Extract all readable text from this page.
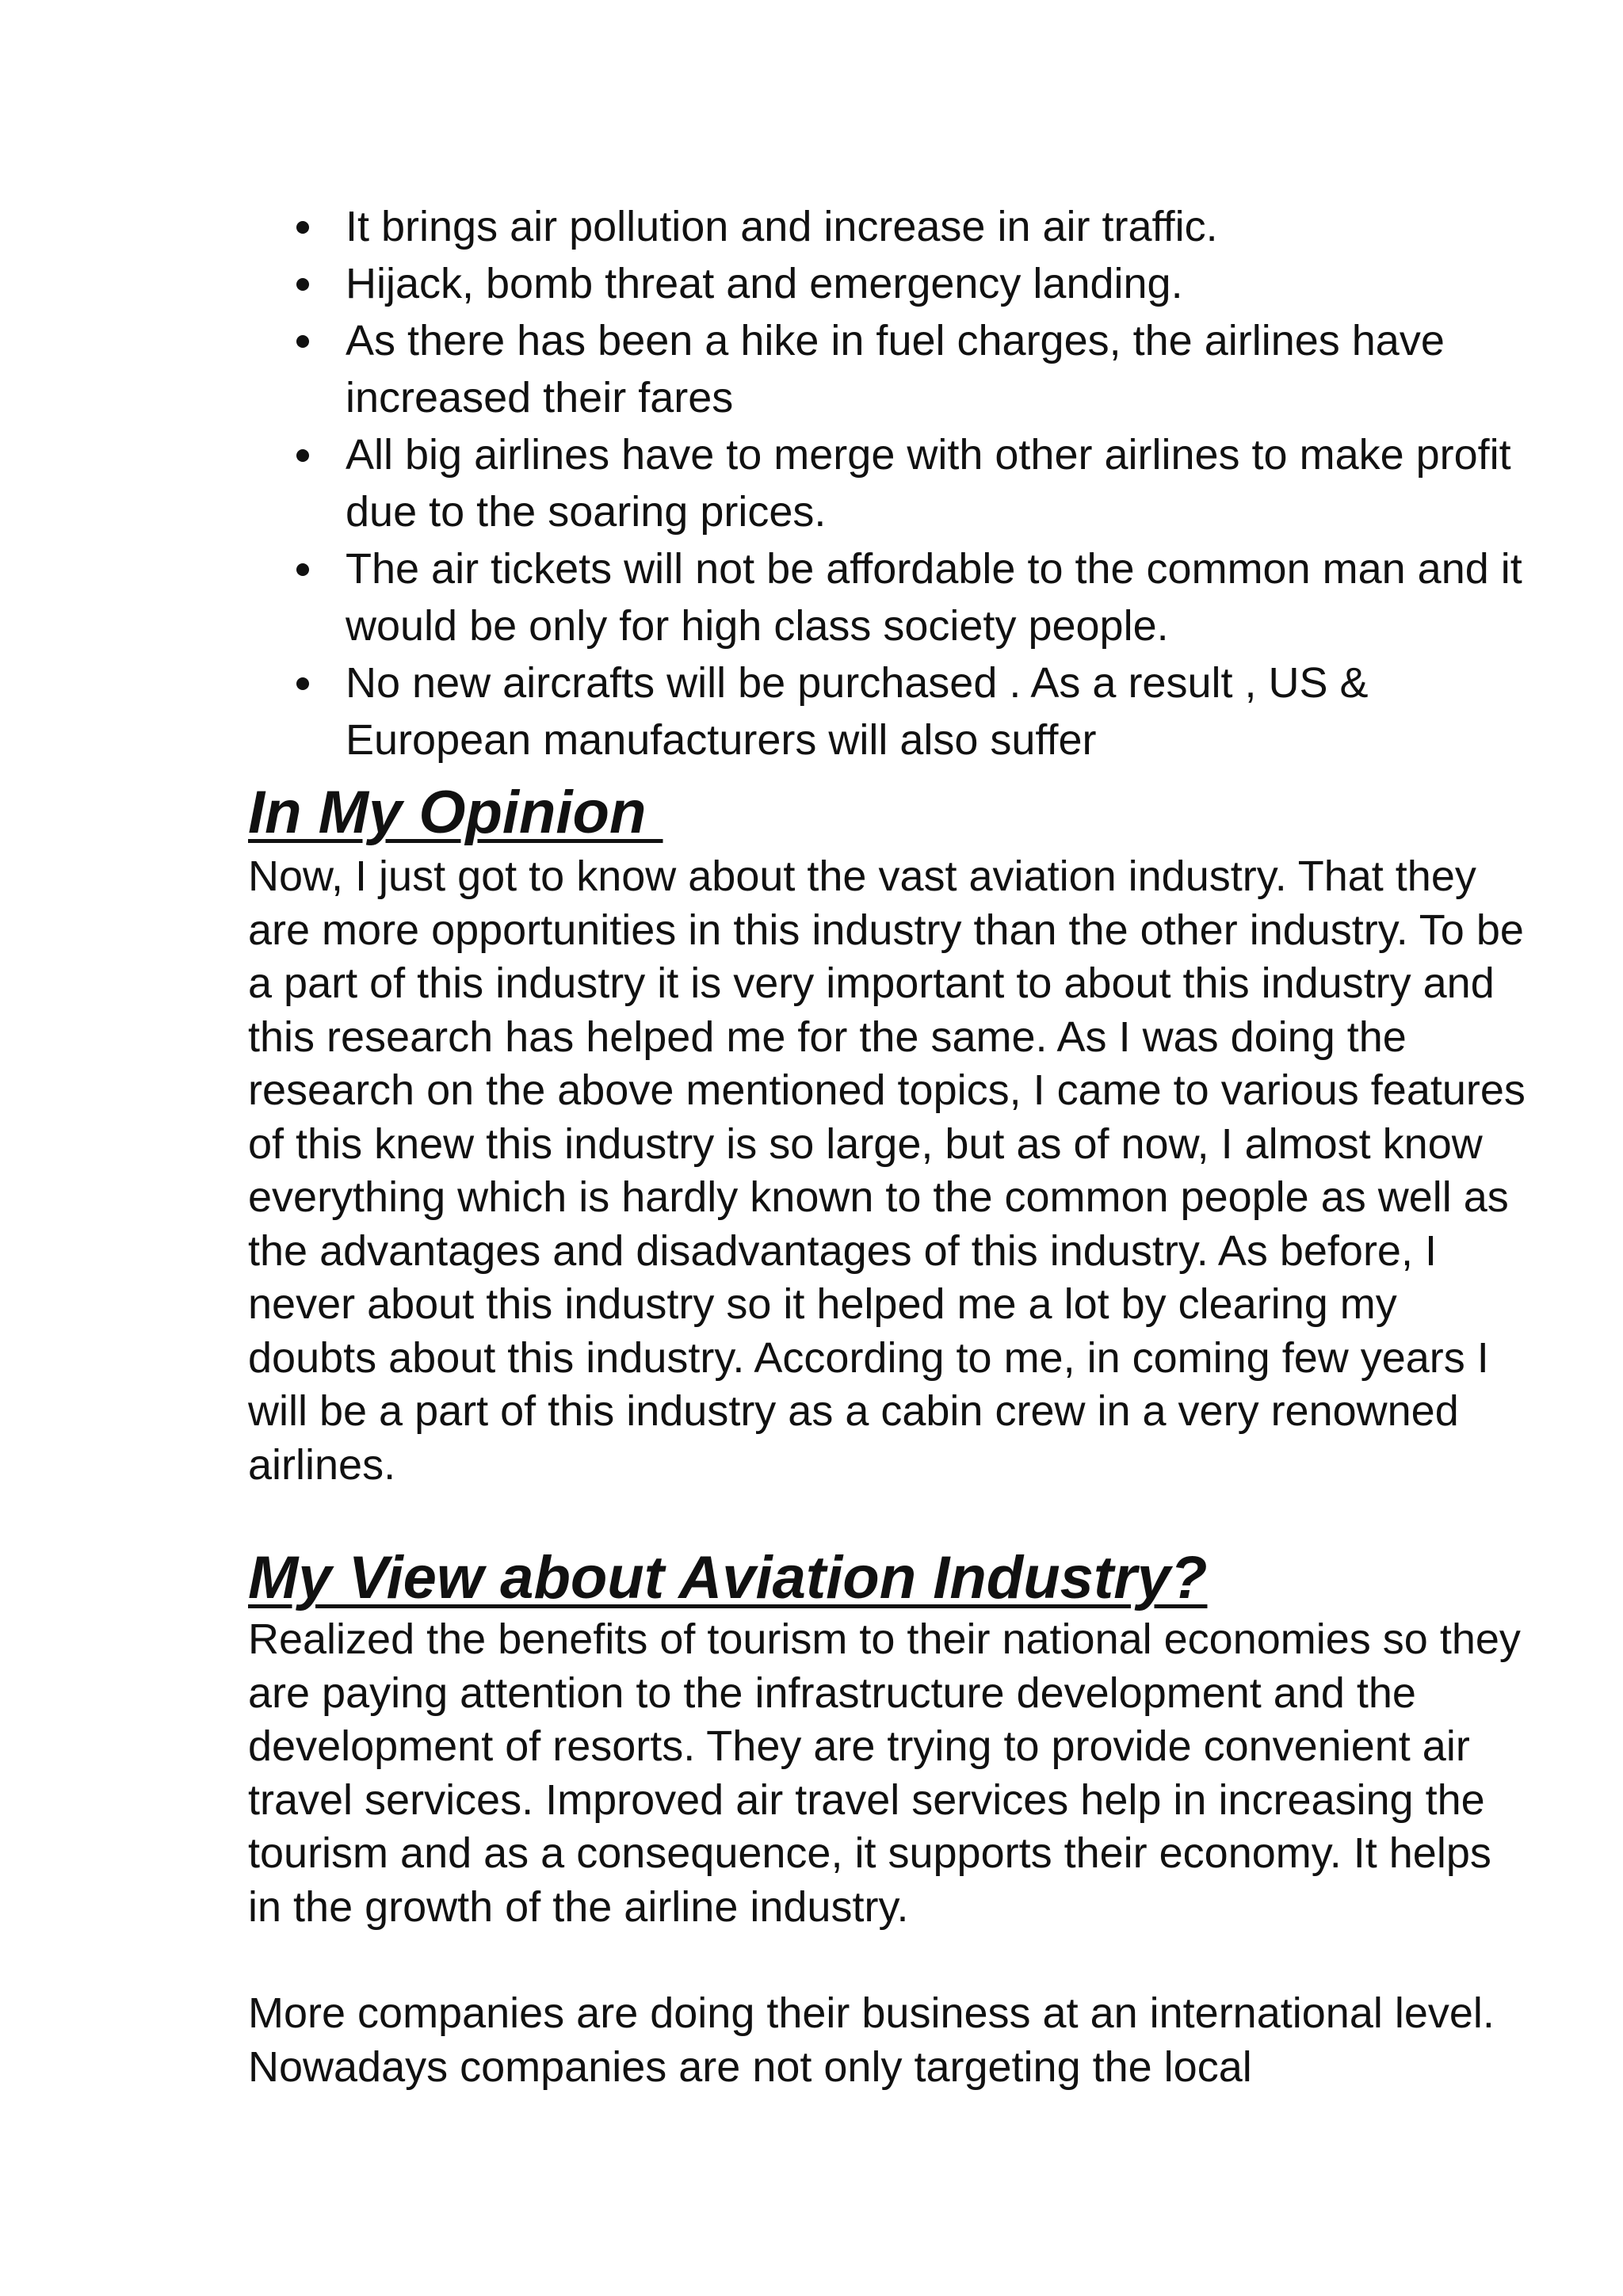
It brings air pollution and increase in air traffic.
Hijack, bomb threat and emergency landing.
As there has been a hike in fuel charges, the airlines have increased their fares
All big airlines have to merge with other airlines to make profit due to the soaring prices.
The air tickets will not be affordable to the common man and it would be only for high class society people.
No new aircrafts will be purchased . As a result , US & European manufacturers will also suffer
In My Opinion

Now, I just got to know about the vast aviation industry. That they are more opportunities in this industry than the other industry. To be a part of this industry it is very important to about this industry and this research has helped me for the same. As I was doing the research on the above mentioned topics, I came to various features of this knew this industry is so large, but as of now, I almost know everything which is hardly known to the common people as well as the advantages and disadvantages of this industry. As before, I never about this industry so it helped me a lot by clearing my doubts about this industry. According to me, in coming few years I will be a part of this industry as a cabin crew in a very renowned airlines.

My View about Aviation Industry?

Realized the benefits of tourism to their national economies so they are paying attention to the infrastructure development and the development of resorts. They are trying to provide convenient air travel services. Improved air travel services help in increasing the tourism and as a consequence, it supports their economy. It helps in the growth of the airline industry.

More companies are doing their business at an international level. Nowadays companies are not only targeting the local
